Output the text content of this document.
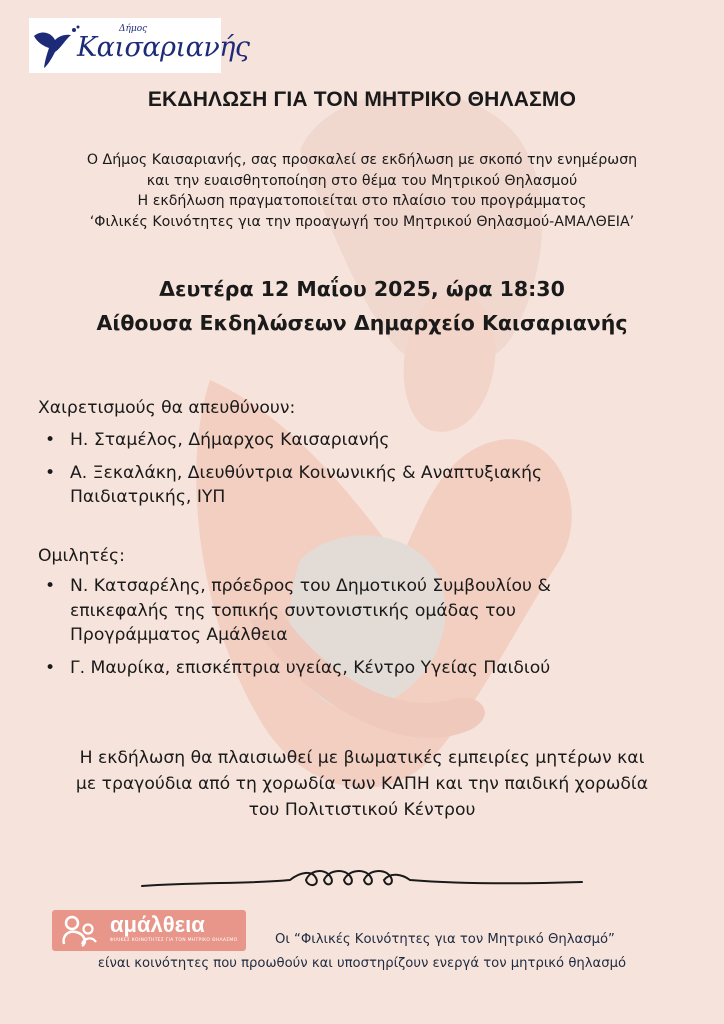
Δήμος
Καισαριανής
ΕΚΔΗΛΩΣΗ ΓΙΑ ΤΟΝ ΜΗΤΡΙΚΟ ΘΗΛΑΣΜΟ
Ο Δήμος Καισαριανής, σας προσκαλεί σε εκδήλωση με σκοπό την ενημέρωση
και την ευαισθητοποίηση στο θέμα του Μητρικού Θηλασμού
Η εκδήλωση πραγματοποιείται στο πλαίσιο του προγράμματος
‘Φιλικές Κοινότητες για την προαγωγή του Μητρικού Θηλασμού-ΑΜΑΛΘΕΙΑ’
Δευτέρα 12 Μαΐου 2025, ώρα 18:30
Αίθουσα Εκδηλώσεων Δημαρχείο Καισαριανής
Χαιρετισμούς θα απευθύνουν:
• Η. Σταμέλος, Δήμαρχος Καισαριανής
• Α. Ξεκαλάκη, Διευθύντρια Κοινωνικής & Αναπτυξιακής
Παιδιατρικής, ΙΥΠ
Ομιλητές:
• Ν. Κατσαρέλης, πρόεδρος του Δημοτικού Συμβουλίου &
επικεφαλής της τοπικής συντονιστικής ομάδας του
Προγράμματος Αμάλθεια
• Γ. Μαυρίκα, επισκέπτρια υγείας, Κέντρο Υγείας Παιδιού
Η εκδήλωση θα πλαισιωθεί με βιωματικές εμπειρίες μητέρων και
με τραγούδια από τη χορωδία των ΚΑΠΗ και την παιδική χορωδία
του Πολιτιστικού Κέντρου
αμάλθεια
ΦΙΛΙΚΕΣ ΚΟΙΝΟΤΗΤΕΣ ΓΙΑ ΤΟΝ ΜΗΤΡΙΚΟ ΘΗΛΑΣΜΟ	Οι “Φιλικές Κοινότητες για τον Μητρικό Θηλασμό”
είναι κοινότητες που προωθούν και υποστηρίζουν ενεργά τον μητρικό θηλασμό
